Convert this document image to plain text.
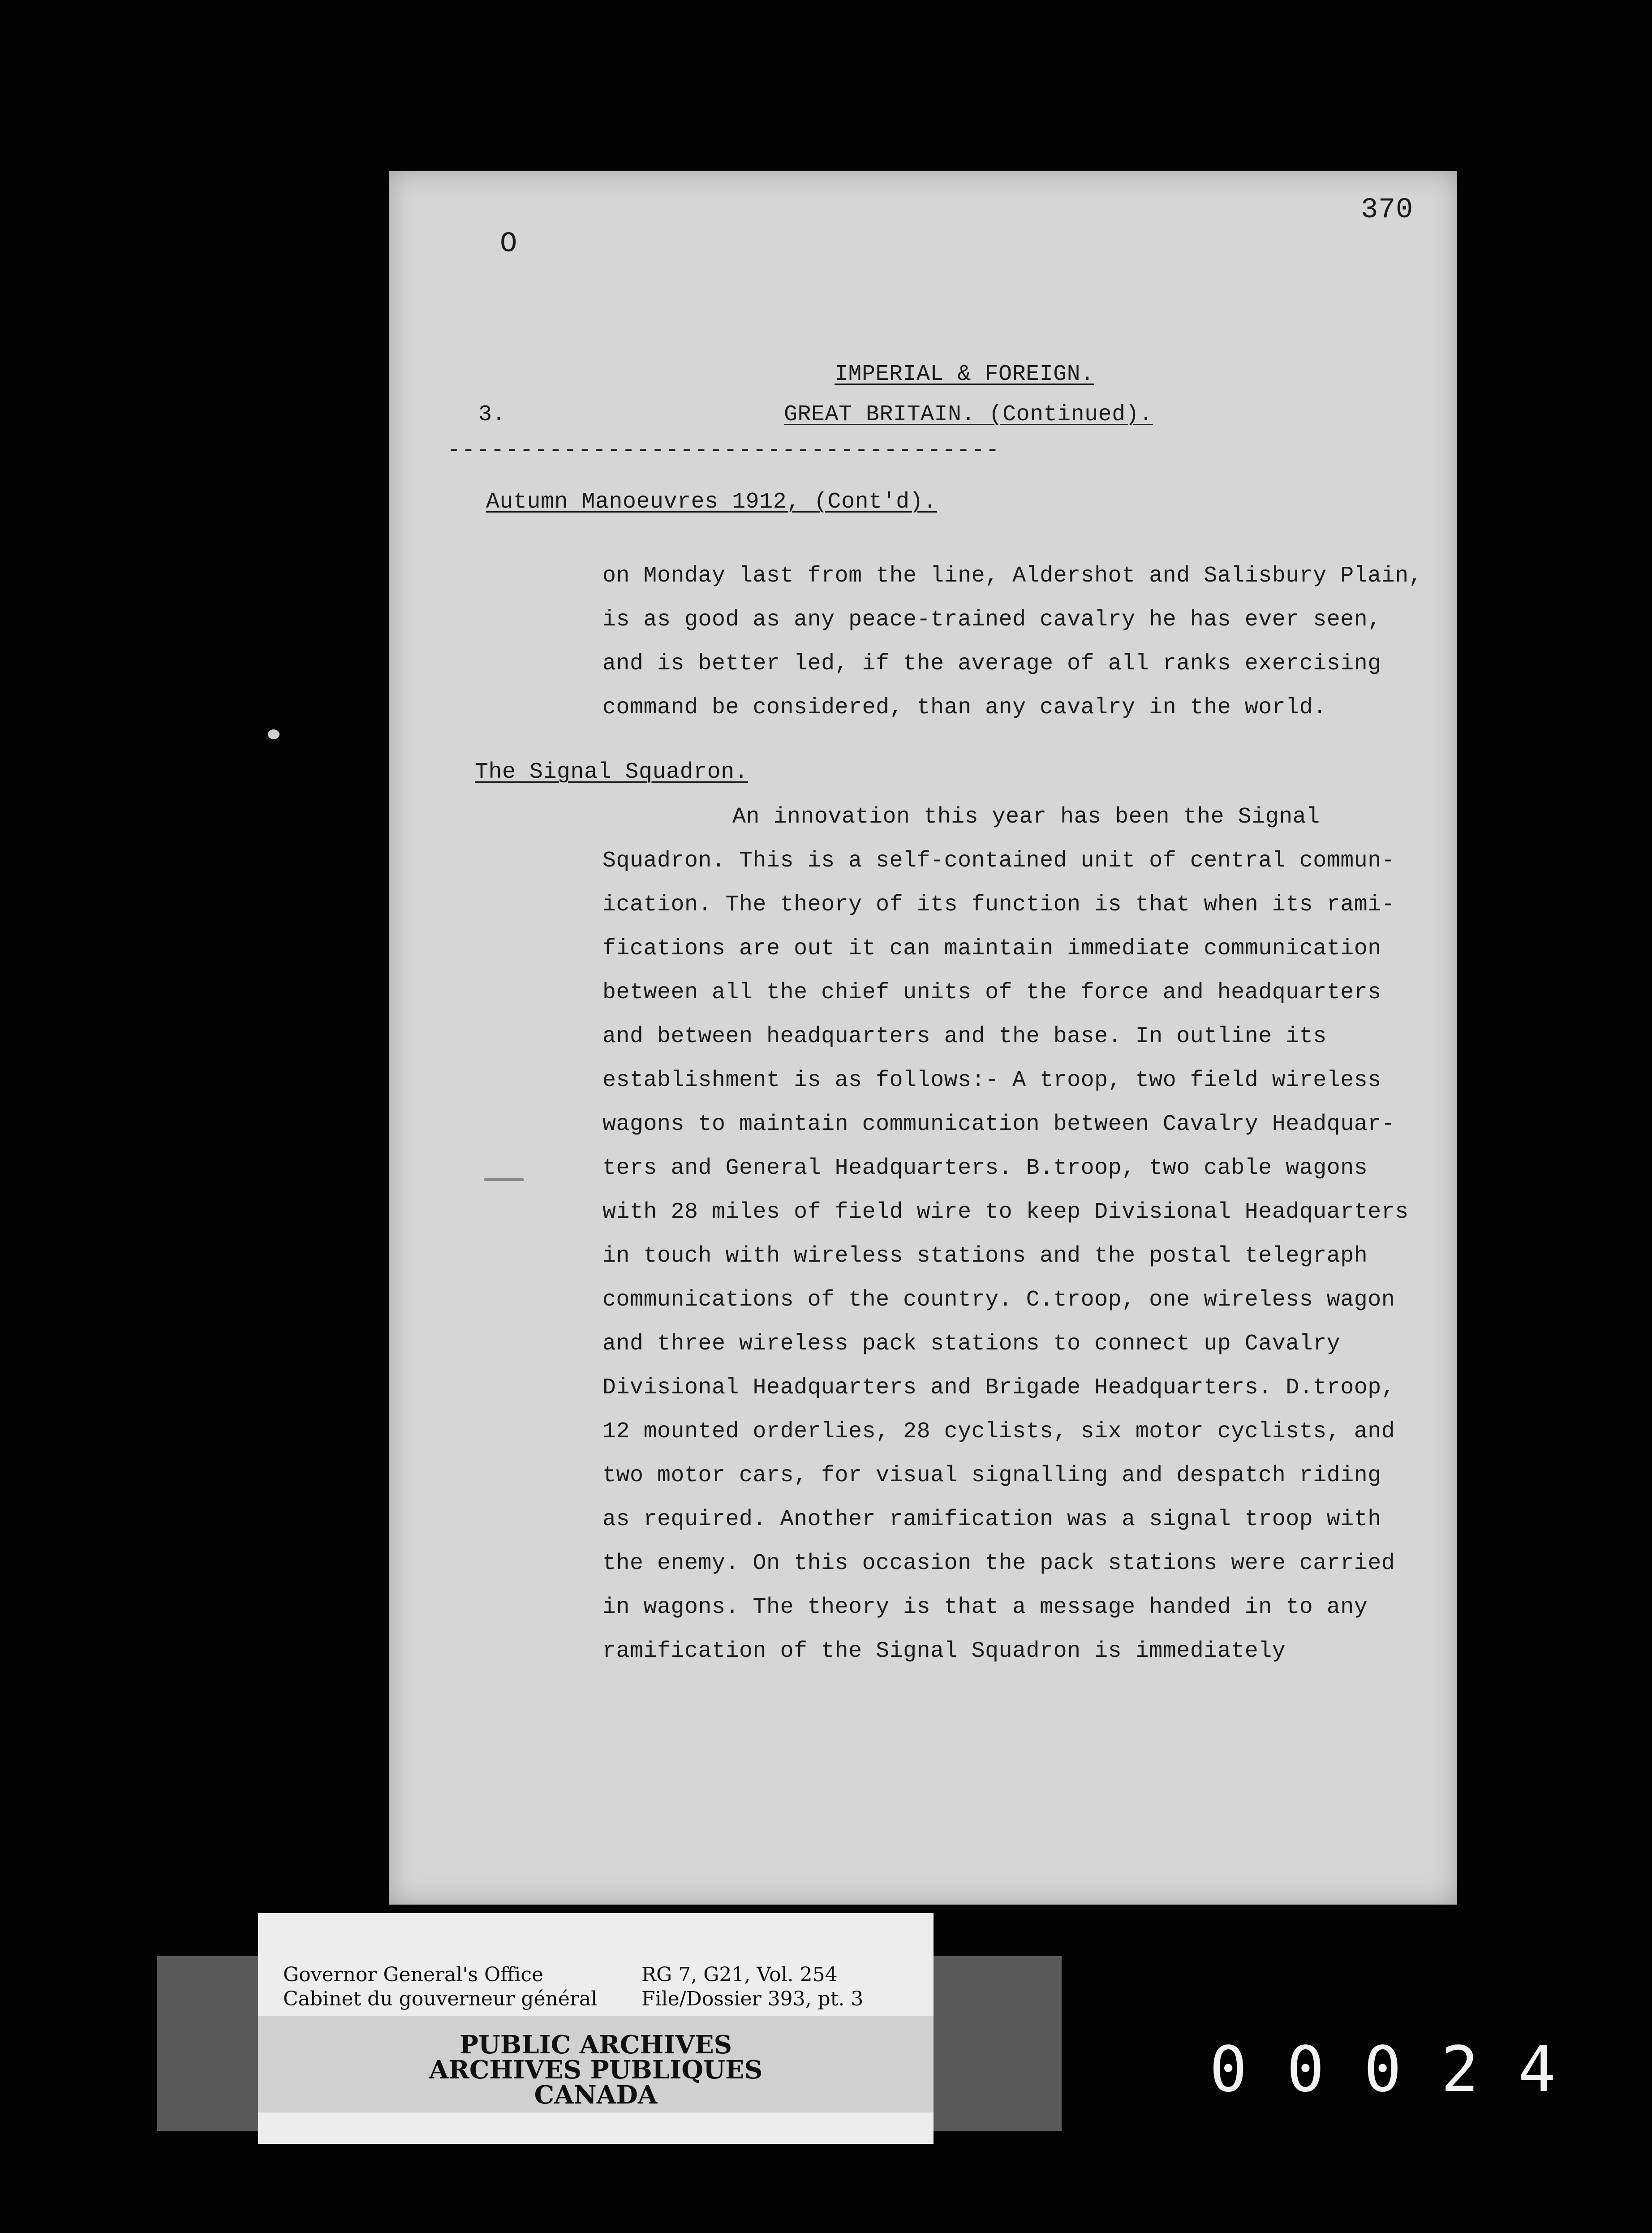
370
O
IMPERIAL & FOREIGN.
3.	GREAT BRITAIN. (Continued).
--------------------------------------
Autumn Manoeuvres 1912, (Cont'd).
on Monday last from the line, Aldershot and Salisbury Plain,
is as good as any peace-trained cavalry he has ever seen,
and is better led, if the average of all ranks exercising
command be considered, than any cavalry in the world.
The Signal Squadron.
An innovation this year has been the Signal
Squadron. This is a self-contained unit of central commun-
ication. The theory of its function is that when its rami-
fications are out it can maintain immediate communication
between all the chief units of the force and headquarters
and between headquarters and the base. In outline its
establishment is as follows:- A troop, two field wireless
wagons to maintain communication between Cavalry Headquar-
ters and General Headquarters. B.troop, two cable wagons
with 28 miles of field wire to keep Divisional Headquarters
in touch with wireless stations and the postal telegraph
communications of the country. C.troop, one wireless wagon
and three wireless pack stations to connect up Cavalry
Divisional Headquarters and Brigade Headquarters. D.troop,
12 mounted orderlies, 28 cyclists, six motor cyclists, and
two motor cars, for visual signalling and despatch riding
as required. Another ramification was a signal troop with
the enemy. On this occasion the pack stations were carried
in wagons. The theory is that a message handed in to any
ramification of the Signal Squadron is immediately
Governor General's Office
Cabinet du gouverneur général
RG 7, G21, Vol. 254
File/Dossier 393, pt. 3
PUBLIC ARCHIVES
ARCHIVES PUBLIQUES
CANADA	00024
